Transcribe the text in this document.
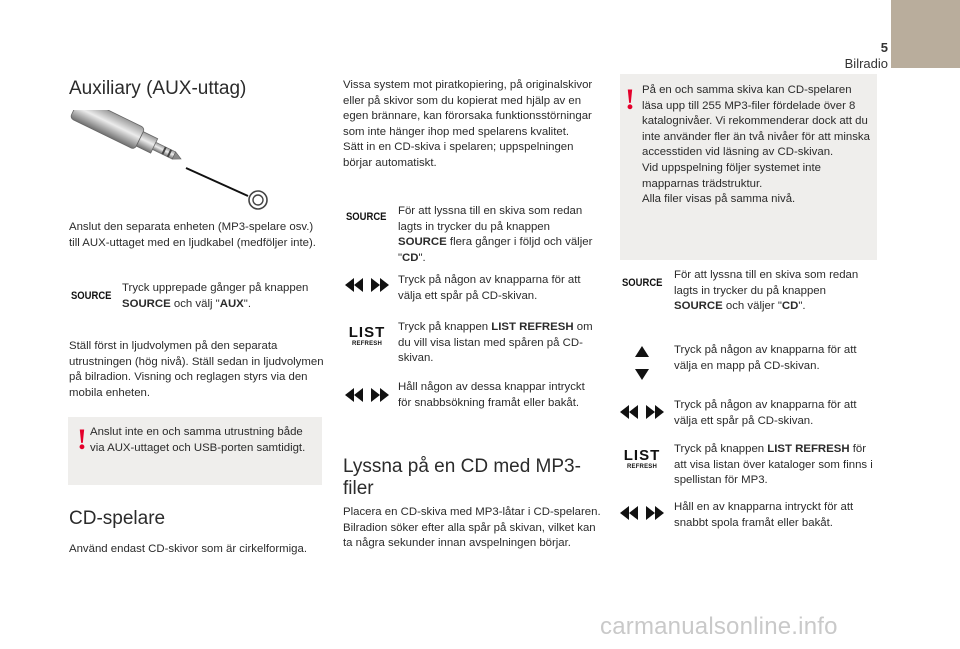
5
Bilradio
Auxiliary (AUX-uttag)
Anslut den separata enheten (MP3-spelare osv.) till AUX-uttaget med en ljudkabel (medföljer inte).
SOURCE
Tryck upprepade gånger på knappen SOURCE och välj "AUX".
Ställ först in ljudvolymen på den separata utrustningen (hög nivå). Ställ sedan in ljudvolymen på bilradion. Visning och reglagen styrs via den mobila enheten.
! Anslut inte en och samma utrustning både via AUX-uttaget och USB-porten samtidigt.
CD-spelare
Använd endast CD-skivor som är cirkelformiga.
Vissa system mot piratkopiering, på originalskivor eller på skivor som du kopierat med hjälp av en egen brännare, kan förorsaka funktionsstörningar som inte hänger ihop med spelarens kvalitet.
Sätt in en CD-skiva i spelaren; uppspelningen börjar automatiskt.
SOURCE För att lyssna till en skiva som redan lagts in trycker du på knappen SOURCE flera gånger i följd och väljer "CD".
Tryck på någon av knapparna för att välja ett spår på CD-skivan.
LIST
REFRESH
Tryck på knappen LIST REFRESH om du vill visa listan med spåren på CD-skivan.
Håll någon av dessa knappar intryckt för snabbsökning framåt eller bakåt.
Lyssna på en CD med MP3-filer
Placera en CD-skiva med MP3-låtar i CD-spelaren.
Bilradion söker efter alla spår på skivan, vilket kan ta några sekunder innan avspelningen börjar.
! På en och samma skiva kan CD-spelaren läsa upp till 255 MP3-filer fördelade över 8 katalognivåer. Vi rekommenderar dock att du inte använder fler än två nivåer för att minska accesstiden vid läsning av CD-skivan.
Vid uppspelning följer systemet inte mapparnas trädstruktur.
Alla filer visas på samma nivå.
SOURCE
För att lyssna till en skiva som redan lagts in trycker du på knappen SOURCE och väljer "CD".
Tryck på någon av knapparna för att välja en mapp på CD-skivan.
Tryck på någon av knapparna för att välja ett spår på CD-skivan.
LIST
REFRESH
Tryck på knappen LIST REFRESH för att visa listan över kataloger som finns i spellistan för MP3.
Håll en av knapparna intryckt för att snabbt spola framåt eller bakåt.
carmanualsonline.info
